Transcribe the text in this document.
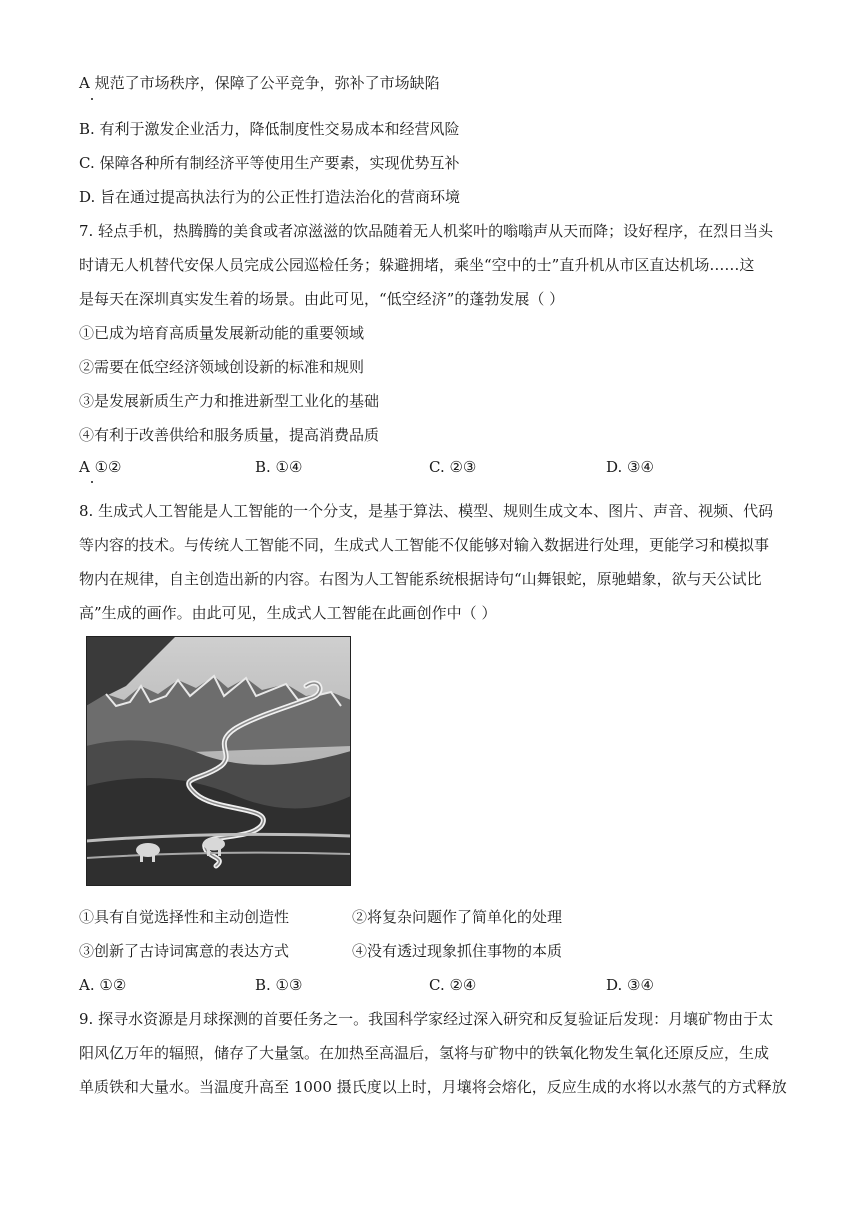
A 规范了市场秩序，保障了公平竞争，弥补了市场缺陷
B. 有利于激发企业活力，降低制度性交易成本和经营风险
C. 保障各种所有制经济平等使用生产要素，实现优势互补
D. 旨在通过提高执法行为的公正性打造法治化的营商环境
7. 轻点手机，热腾腾的美食或者凉滋滋的饮品随着无人机桨叶的嗡嗡声从天而降；设好程序，在烈日当头
时请无人机替代安保人员完成公园巡检任务；躲避拥堵，乘坐“空中的士”直升机从市区直达机场……这
是每天在深圳真实发生着的场景。由此可见，“低空经济”的蓬勃发展（ ）
①已成为培育高质量发展新动能的重要领域
②需要在低空经济领域创设新的标准和规则
③是发展新质生产力和推进新型工业化的基础
④有利于改善供给和服务质量，提高消费品质
A ①②	B. ①④	C. ②③	D. ③④
8. 生成式人工智能是人工智能的一个分支，是基于算法、模型、规则生成文本、图片、声音、视频、代码
等内容的技术。与传统人工智能不同，生成式人工智能不仅能够对输入数据进行处理，更能学习和模拟事
物内在规律，自主创造出新的内容。右图为人工智能系统根据诗句“山舞银蛇，原驰蜡象，欲与天公试比
高”生成的画作。由此可见，生成式人工智能在此画创作中（ ）
①具有自觉选择性和主动创造性	②将复杂问题作了简单化的处理
③创新了古诗词寓意的表达方式	④没有透过现象抓住事物的本质
A. ①②	B. ①③	C. ②④	D. ③④
9. 探寻水资源是月球探测的首要任务之一。我国科学家经过深入研究和反复验证后发现：月壤矿物由于太
阳风亿万年的辐照，储存了大量氢。在加热至高温后，氢将与矿物中的铁氧化物发生氧化还原反应，生成
单质铁和大量水。当温度升高至 1000 摄氏度以上时，月壤将会熔化，反应生成的水将以水蒸气的方式释放
